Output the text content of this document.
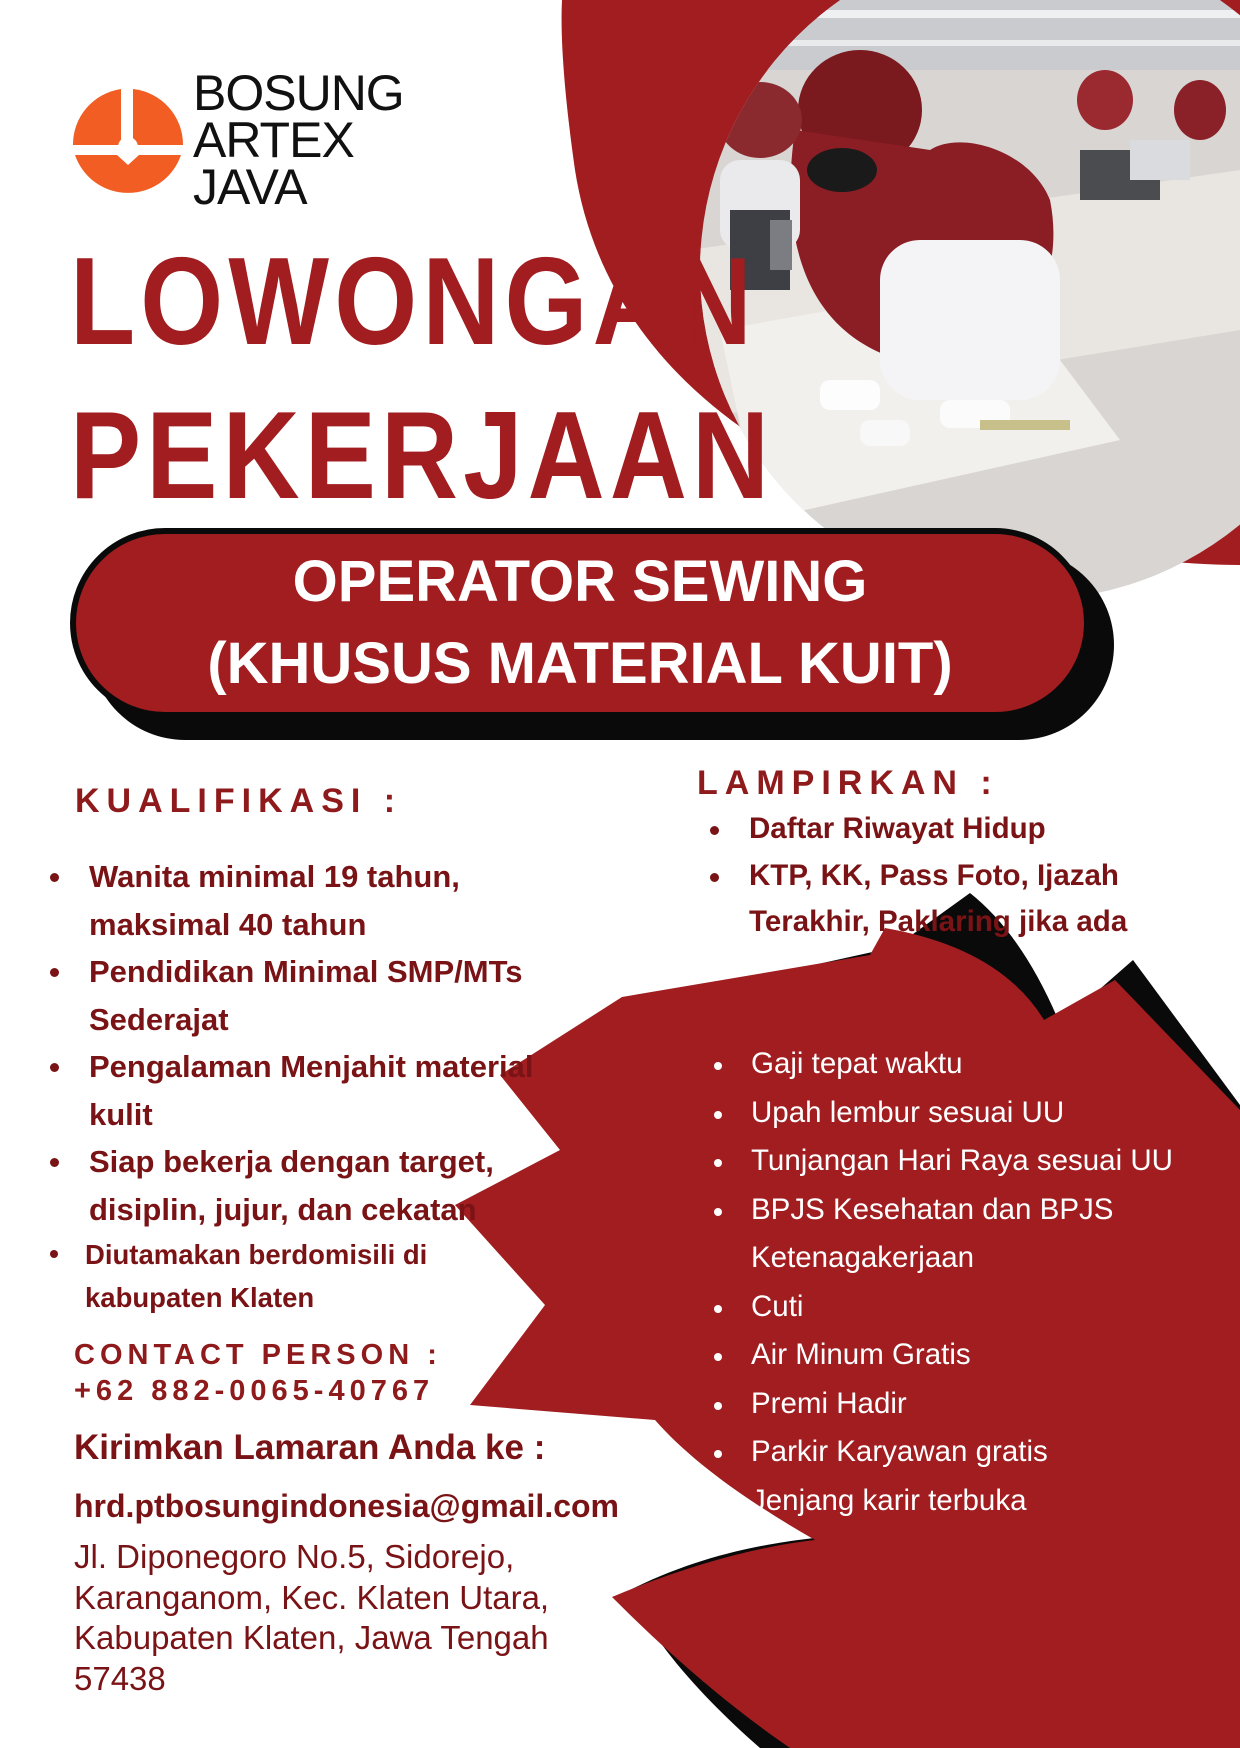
BOSUNG
ARTEX
JAVA
LOWONGAN
PEKERJAAN
OPERATOR SEWING
(KHUSUS MATERIAL KUIT)
KUALIFIKASI :
Wanita minimal 19 tahun,
maksimal 40 tahun
Pendidikan Minimal SMP/MTs
Sederajat
Pengalaman Menjahit material
kulit
Siap bekerja dengan target,
disiplin, jujur, dan cekatan
Diutamakan berdomisili di
kabupaten Klaten
LAMPIRKAN :
Daftar Riwayat Hidup
KTP, KK, Pass Foto, Ijazah
Terakhir, Paklaring jika ada
Gaji tepat waktu
Upah lembur sesuai UU
Tunjangan Hari Raya sesuai UU
BPJS Kesehatan dan BPJS
Ketenagakerjaan
Cuti
Air Minum Gratis
Premi Hadir
Parkir Karyawan gratis
Jenjang karir terbuka
CONTACT PERSON :
+62 882-0065-40767
Kirimkan Lamaran Anda ke :
hrd.ptbosungindonesia@gmail.com
Jl. Diponegoro No.5, Sidorejo,
Karanganom, Kec. Klaten Utara,
Kabupaten Klaten, Jawa Tengah
57438
